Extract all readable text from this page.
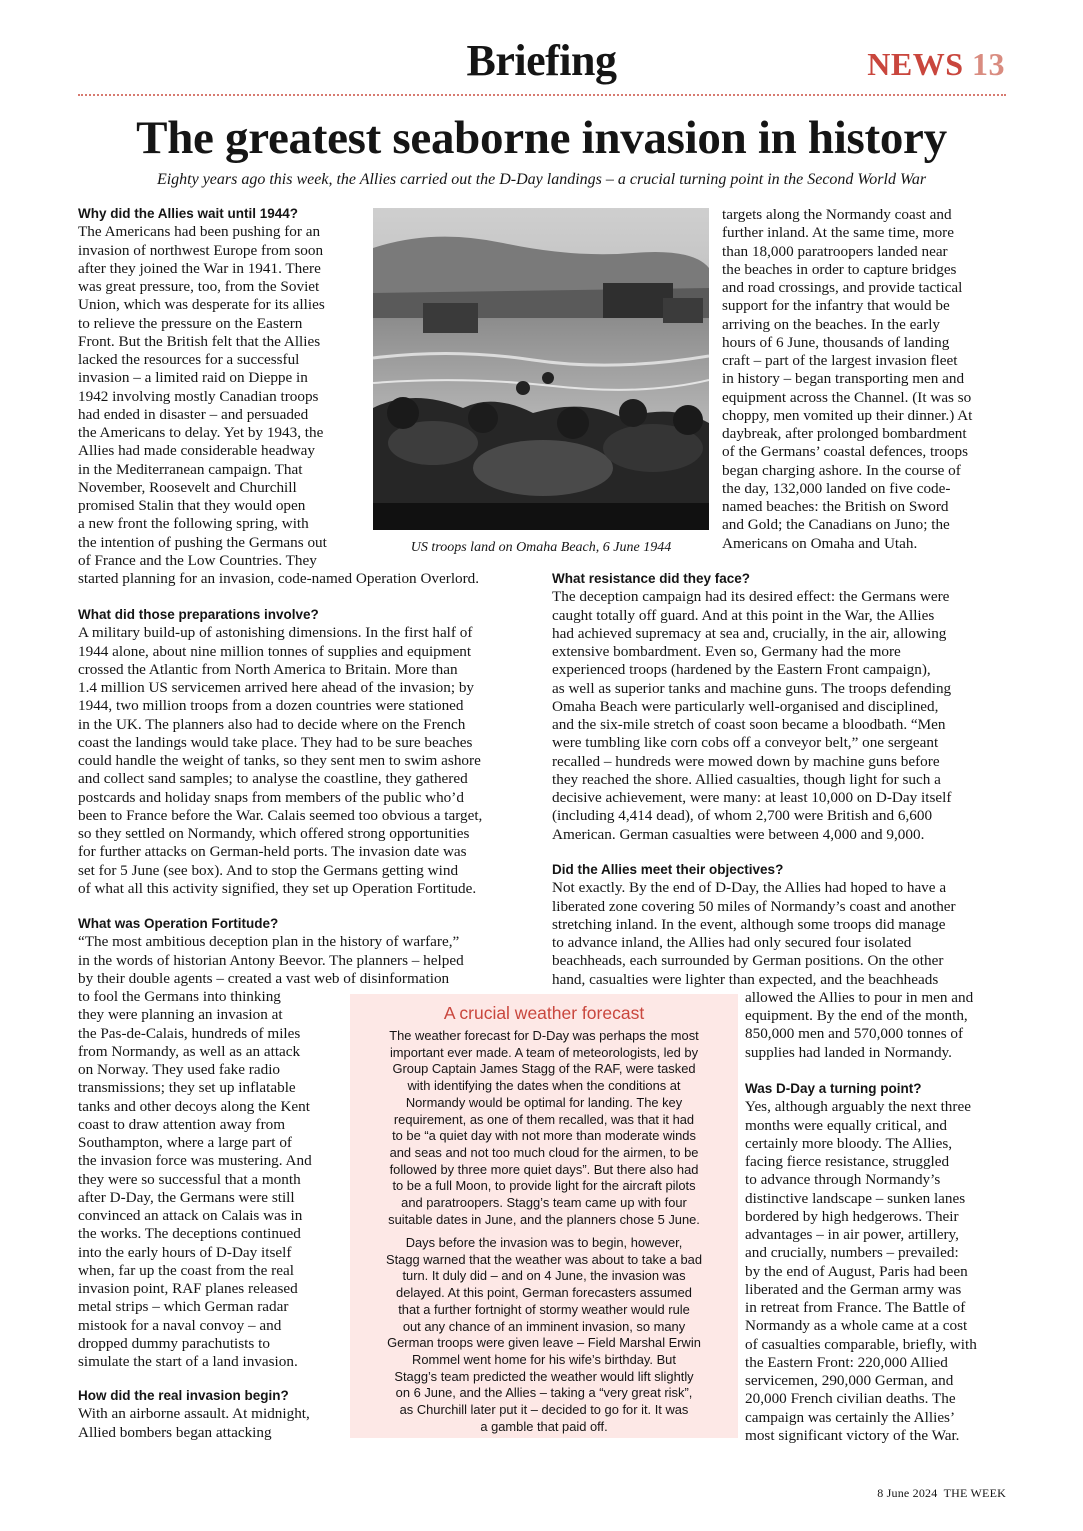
Briefing	NEWS 13
The greatest seaborne invasion in history
Eighty years ago this week, the Allies carried out the D-Day landings – a crucial turning point in the Second World War
US troops land on Omaha Beach, 6 June 1944
Why did the Allies wait until 1944?
The Americans had been pushing for an
invasion of northwest Europe from soon
after they joined the War in 1941. There
was great pressure, too, from the Soviet
Union, which was desperate for its allies
to relieve the pressure on the Eastern
Front. But the British felt that the Allies
lacked the resources for a successful
invasion – a limited raid on Dieppe in
1942 involving mostly Canadian troops
had ended in disaster – and persuaded
the Americans to delay. Yet by 1943, the
Allies had made considerable headway
in the Mediterranean campaign. That
November, Roosevelt and Churchill
promised Stalin that they would open
a new front the following spring, with
the intention of pushing the Germans out
of France and the Low Countries. They
started planning for an invasion, code-named Operation Overlord.
What did those preparations involve?
A military build-up of astonishing dimensions. In the first half of
1944 alone, about nine million tonnes of supplies and equipment
crossed the Atlantic from North America to Britain. More than
1.4 million US servicemen arrived here ahead of the invasion; by
1944, two million troops from a dozen countries were stationed
in the UK. The planners also had to decide where on the French
coast the landings would take place. They had to be sure beaches
could handle the weight of tanks, so they sent men to swim ashore
and collect sand samples; to analyse the coastline, they gathered
postcards and holiday snaps from members of the public who’d
been to France before the War. Calais seemed too obvious a target,
so they settled on Normandy, which offered strong opportunities
for further attacks on German-held ports. The invasion date was
set for 5 June (see box). And to stop the Germans getting wind
of what all this activity signified, they set up Operation Fortitude.
What was Operation Fortitude?
“The most ambitious deception plan in the history of warfare,”
in the words of historian Antony Beevor. The planners – helped
by their double agents – created a vast web of disinformation
to fool the Germans into thinking
they were planning an invasion at
the Pas-de-Calais, hundreds of miles
from Normandy, as well as an attack
on Norway. They used fake radio
transmissions; they set up inflatable
tanks and other decoys along the Kent
coast to draw attention away from
Southampton, where a large part of
the invasion force was mustering. And
they were so successful that a month
after D-Day, the Germans were still
convinced an attack on Calais was in
the works. The deceptions continued
into the early hours of D-Day itself
when, far up the coast from the real
invasion point, RAF planes released
metal strips – which German radar
mistook for a naval convoy – and
dropped dummy parachutists to
simulate the start of a land invasion.
How did the real invasion begin?
With an airborne assault. At midnight,
Allied bombers began attacking
targets along the Normandy coast and
further inland. At the same time, more
than 18,000 paratroopers landed near
the beaches in order to capture bridges
and road crossings, and provide tactical
support for the infantry that would be
arriving on the beaches. In the early
hours of 6 June, thousands of landing
craft – part of the largest invasion fleet
in history – began transporting men and
equipment across the Channel. (It was so
choppy, men vomited up their dinner.) At
daybreak, after prolonged bombardment
of the Germans’ coastal defences, troops
began charging ashore. In the course of
the day, 132,000 landed on five code-
named beaches: the British on Sword
and Gold; the Canadians on Juno; the
Americans on Omaha and Utah.
What resistance did they face?
The deception campaign had its desired effect: the Germans were
caught totally off guard. And at this point in the War, the Allies
had achieved supremacy at sea and, crucially, in the air, allowing
extensive bombardment. Even so, Germany had the more
experienced troops (hardened by the Eastern Front campaign),
as well as superior tanks and machine guns. The troops defending
Omaha Beach were particularly well-organised and disciplined,
and the six-mile stretch of coast soon became a bloodbath. “Men
were tumbling like corn cobs off a conveyor belt,” one sergeant
recalled – hundreds were mowed down by machine guns before
they reached the shore. Allied casualties, though light for such a
decisive achievement, were many: at least 10,000 on D-Day itself
(including 4,414 dead), of whom 2,700 were British and 6,600
American. German casualties were between 4,000 and 9,000.
Did the Allies meet their objectives?
Not exactly. By the end of D-Day, the Allies had hoped to have a
liberated zone covering 50 miles of Normandy’s coast and another
stretching inland. In the event, although some troops did manage
to advance inland, the Allies had only secured four isolated
beachheads, each surrounded by German positions. On the other
hand, casualties were lighter than expected, and the beachheads
allowed the Allies to pour in men and
equipment. By the end of the month,
850,000 men and 570,000 tonnes of
supplies had landed in Normandy.
Was D-Day a turning point?
Yes, although arguably the next three
months were equally critical, and
certainly more bloody. The Allies,
facing fierce resistance, struggled
to advance through Normandy’s
distinctive landscape – sunken lanes
bordered by high hedgerows. Their
advantages – in air power, artillery,
and crucially, numbers – prevailed:
by the end of August, Paris had been
liberated and the German army was
in retreat from France. The Battle of
Normandy as a whole came at a cost
of casualties comparable, briefly, with
the Eastern Front: 220,000 Allied
servicemen, 290,000 German, and
20,000 French civilian deaths. The
campaign was certainly the Allies’
most significant victory of the War.
A crucial weather forecast
The weather forecast for D-Day was perhaps the most
important ever made. A team of meteorologists, led by
Group Captain James Stagg of the RAF, were tasked
with identifying the dates when the conditions at
Normandy would be optimal for landing. The key
requirement, as one of them recalled, was that it had
to be “a quiet day with not more than moderate winds
and seas and not too much cloud for the airmen, to be
followed by three more quiet days”. But there also had
to be a full Moon, to provide light for the aircraft pilots
and paratroopers. Stagg’s team came up with four
suitable dates in June, and the planners chose 5 June.
Days before the invasion was to begin, however,
Stagg warned that the weather was about to take a bad
turn. It duly did – and on 4 June, the invasion was
delayed. At this point, German forecasters assumed
that a further fortnight of stormy weather would rule
out any chance of an imminent invasion, so many
German troops were given leave – Field Marshal Erwin
Rommel went home for his wife’s birthday. But
Stagg’s team predicted the weather would lift slightly
on 6 June, and the Allies – taking a “very great risk”,
as Churchill later put it – decided to go for it. It was
a gamble that paid off.
8 June 2024 THE WEEK
